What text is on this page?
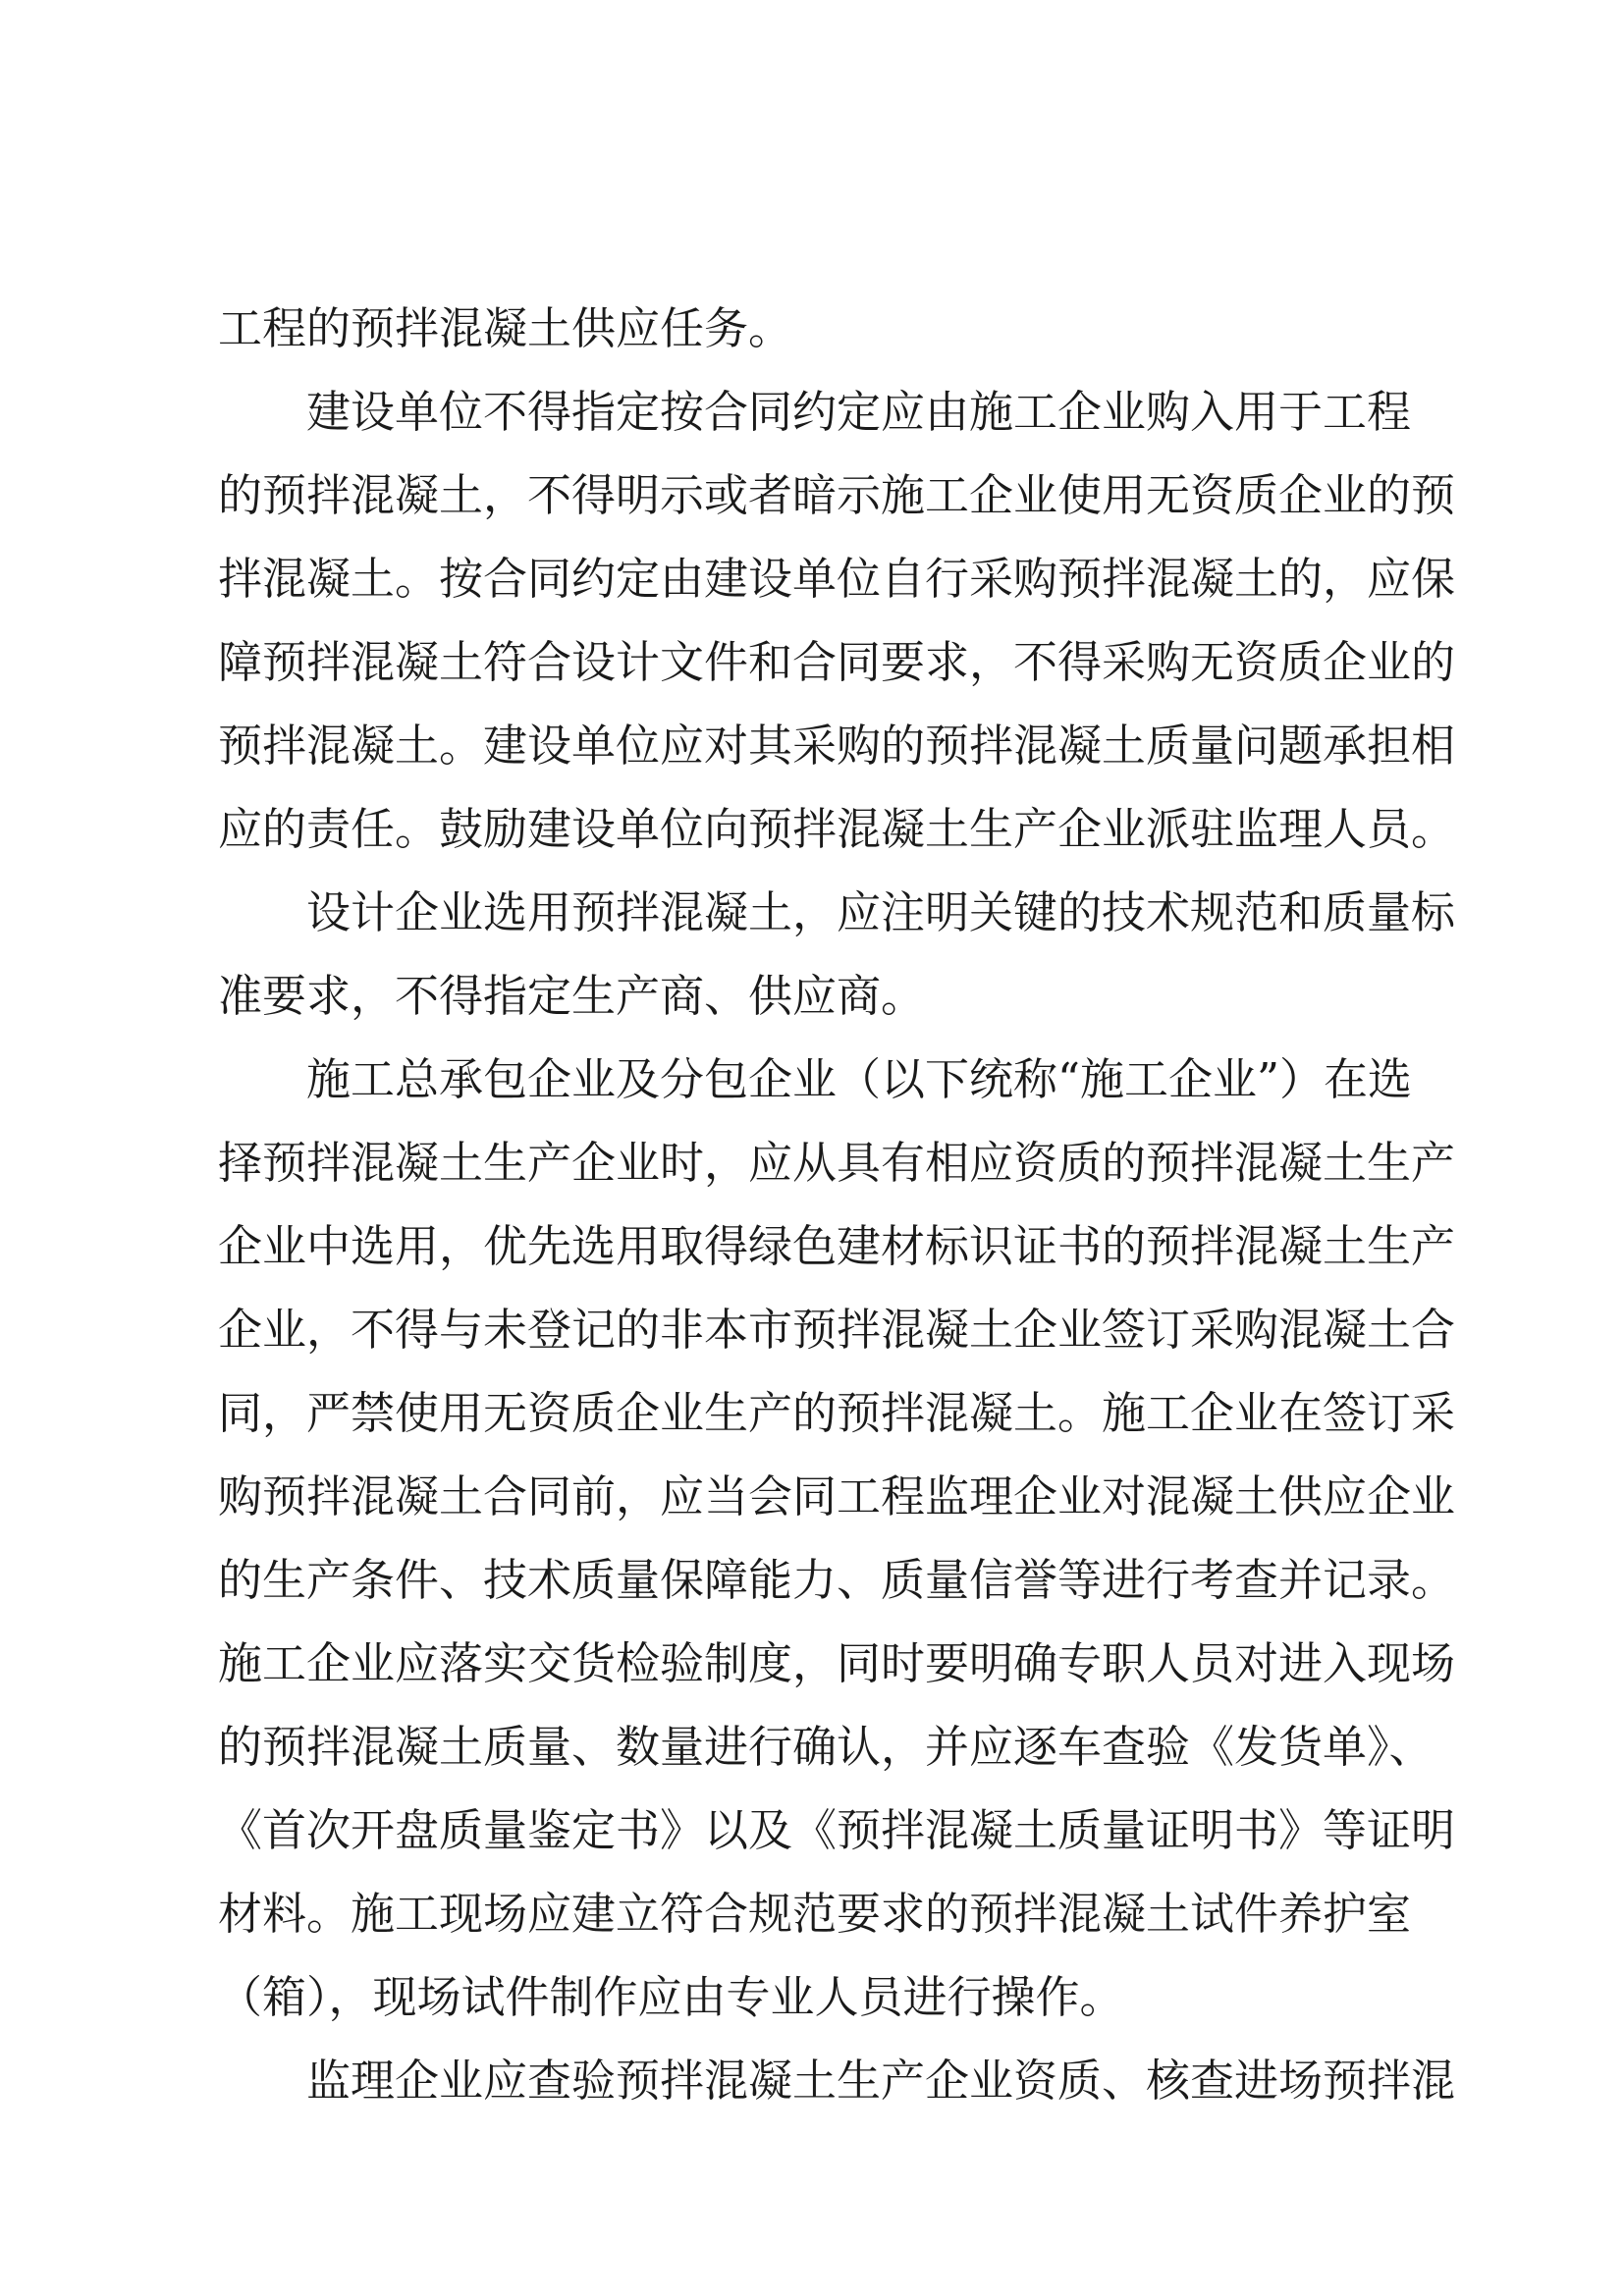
工程的预拌混凝土供应任务。
建设单位不得指定按合同约定应由施工企业购入用于工程
的预拌混凝土，不得明示或者暗示施工企业使用无资质企业的预
拌混凝土。按合同约定由建设单位自行采购预拌混凝土的，应保
障预拌混凝土符合设计文件和合同要求，不得采购无资质企业的
预拌混凝土。建设单位应对其采购的预拌混凝土质量问题承担相
应的责任。鼓励建设单位向预拌混凝土生产企业派驻监理人员。
设计企业选用预拌混凝土，应注明关键的技术规范和质量标
准要求，不得指定生产商、供应商。
施工总承包企业及分包企业（以下统称“施工企业”）在选
择预拌混凝土生产企业时，应从具有相应资质的预拌混凝土生产
企业中选用，优先选用取得绿色建材标识证书的预拌混凝土生产
企业，不得与未登记的非本市预拌混凝土企业签订采购混凝土合
同，严禁使用无资质企业生产的预拌混凝土。施工企业在签订采
购预拌混凝土合同前，应当会同工程监理企业对混凝土供应企业
的生产条件、技术质量保障能力、质量信誉等进行考查并记录。
施工企业应落实交货检验制度，同时要明确专职人员对进入现场
的预拌混凝土质量、数量进行确认，并应逐车查验《发货单》、
《首次开盘质量鉴定书》以及《预拌混凝土质量证明书》等证明
材料。施工现场应建立符合规范要求的预拌混凝土试件养护室
（箱），现场试件制作应由专业人员进行操作。
监理企业应查验预拌混凝土生产企业资质、核查进场预拌混
